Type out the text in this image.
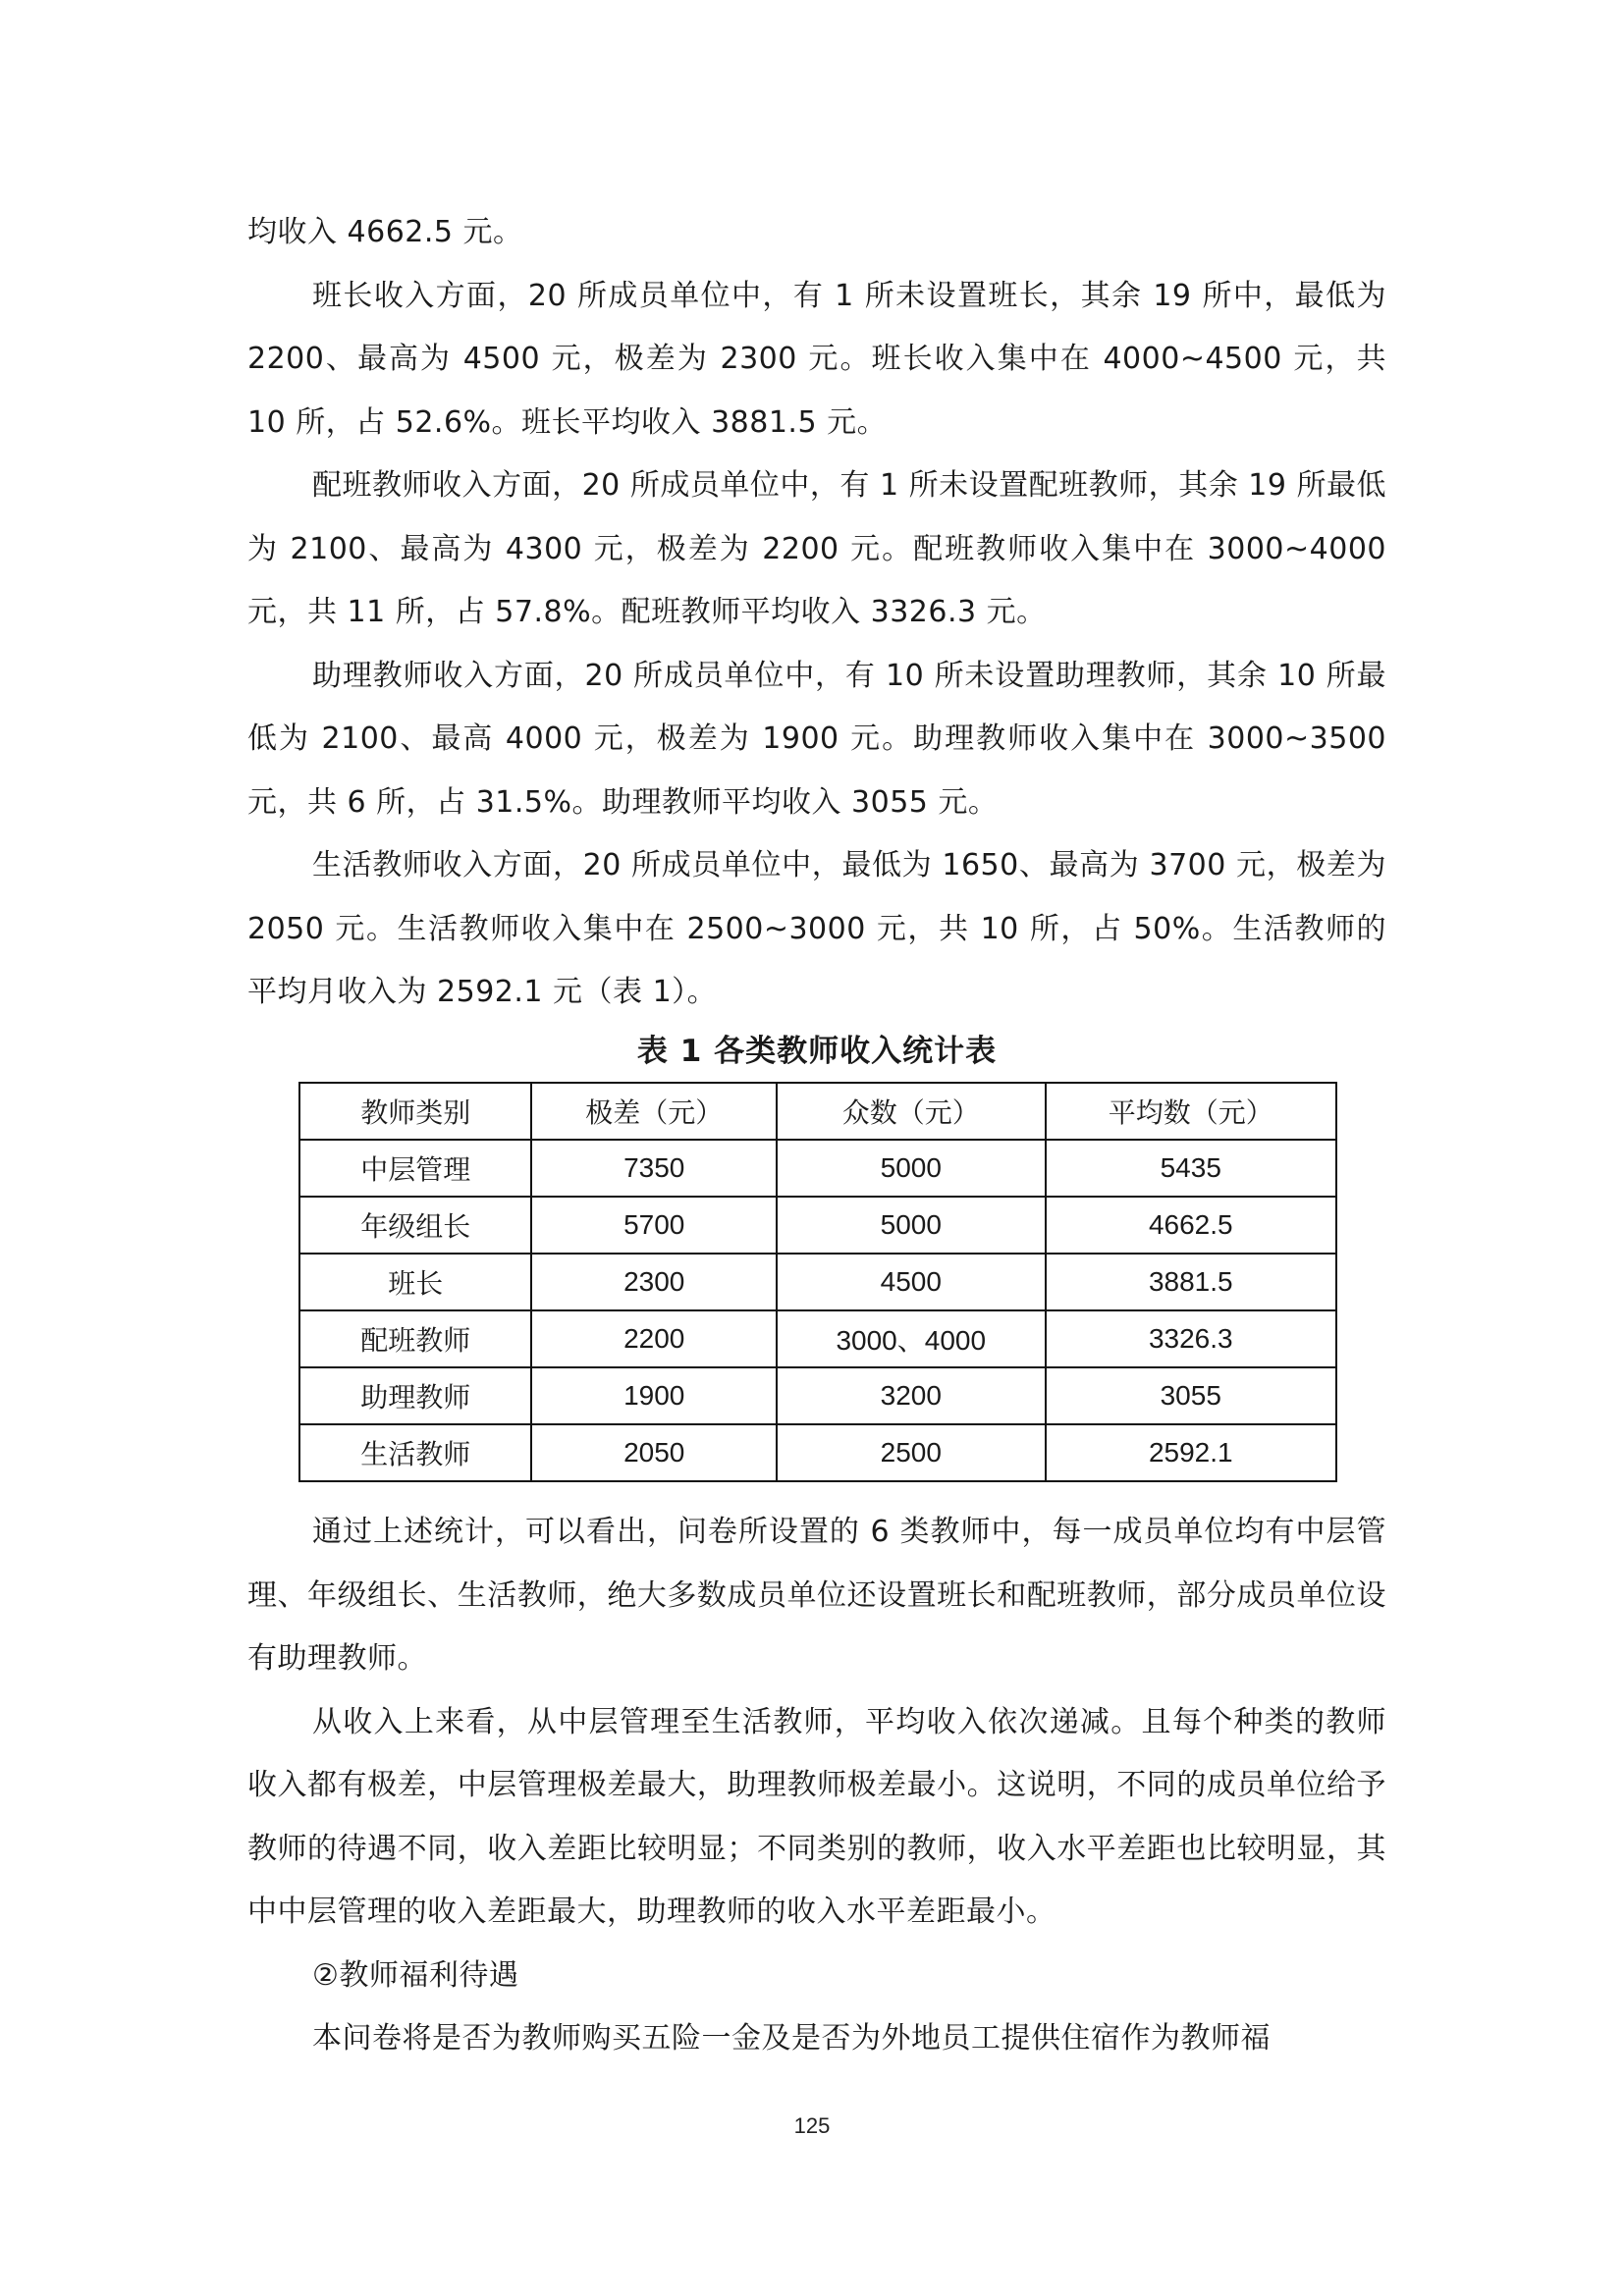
均收入 4662.5 元。

班长收入方面，20 所成员单位中，有 1 所未设置班长，其余 19 所中，最低为 2200、最高为 4500 元，极差为 2300 元。班长收入集中在 4000~4500 元，共 10 所，占 52.6%。班长平均收入 3881.5 元。

配班教师收入方面，20 所成员单位中，有 1 所未设置配班教师，其余 19 所最低为 2100、最高为 4300 元，极差为 2200 元。配班教师收入集中在 3000~4000 元，共 11 所，占 57.8%。配班教师平均收入 3326.3 元。

助理教师收入方面，20 所成员单位中，有 10 所未设置助理教师，其余 10 所最低为 2100、最高 4000 元，极差为 1900 元。助理教师收入集中在 3000~3500 元，共 6 所，占 31.5%。助理教师平均收入 3055 元。

生活教师收入方面，20 所成员单位中，最低为 1650、最高为 3700 元，极差为 2050 元。生活教师收入集中在 2500~3000 元，共 10 所，占 50%。生活教师的平均月收入为 2592.1 元（表 1）。

表 1 各类教师收入统计表
教师类别	极差（元）	众数（元）	平均数（元）
中层管理	7350	5000	5435
年级组长	5700	5000	4662.5
班长	2300	4500	3881.5
配班教师	2200	3000、4000	3326.3
助理教师	1900	3200	3055
生活教师	2050	2500	2592.1

通过上述统计，可以看出，问卷所设置的 6 类教师中，每一成员单位均有中层管理、年级组长、生活教师，绝大多数成员单位还设置班长和配班教师，部分成员单位设有助理教师。

从收入上来看，从中层管理至生活教师，平均收入依次递减。且每个种类的教师收入都有极差，中层管理极差最大，助理教师极差最小。这说明，不同的成员单位给予教师的待遇不同，收入差距比较明显；不同类别的教师，收入水平差距也比较明显，其中中层管理的收入差距最大，助理教师的收入水平差距最小。

②教师福利待遇

本问卷将是否为教师购买五险一金及是否为外地员工提供住宿作为教师福

125
